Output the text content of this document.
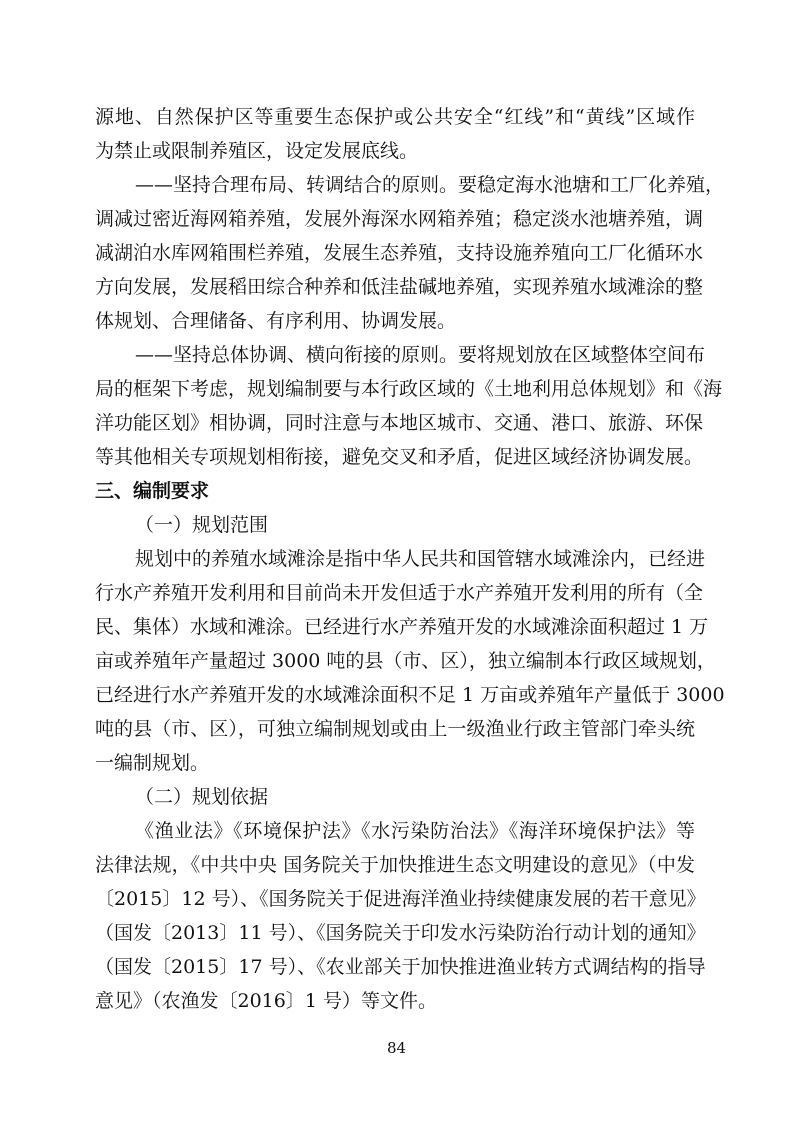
源地、自然保护区等重要生态保护或公共安全“红线”和“黄线”区域作
为禁止或限制养殖区，设定发展底线。
——坚持合理布局、转调结合的原则。要稳定海水池塘和工厂化养殖，
调减过密近海网箱养殖，发展外海深水网箱养殖；稳定淡水池塘养殖，调
减湖泊水库网箱围栏养殖，发展生态养殖，支持设施养殖向工厂化循环水
方向发展，发展稻田综合种养和低洼盐碱地养殖，实现养殖水域滩涂的整
体规划、合理储备、有序利用、协调发展。
——坚持总体协调、横向衔接的原则。要将规划放在区域整体空间布
局的框架下考虑，规划编制要与本行政区域的《土地利用总体规划》和《海
洋功能区划》相协调，同时注意与本地区城市、交通、港口、旅游、环保
等其他相关专项规划相衔接，避免交叉和矛盾，促进区域经济协调发展。
三、编制要求
（一）规划范围
规划中的养殖水域滩涂是指中华人民共和国管辖水域滩涂内，已经进
行水产养殖开发利用和目前尚未开发但适于水产养殖开发利用的所有（全
民、集体）水域和滩涂。已经进行水产养殖开发的水域滩涂面积超过 1 万
亩或养殖年产量超过 3000 吨的县（市、区），独立编制本行政区域规划，
已经进行水产养殖开发的水域滩涂面积不足 1 万亩或养殖年产量低于 3000
吨的县（市、区），可独立编制规划或由上一级渔业行政主管部门牵头统
一编制规划。
（二）规划依据
《渔业法》《环境保护法》《水污染防治法》《海洋环境保护法》等
法律法规，《中共中央 国务院关于加快推进生态文明建设的意见》（中发
〔2015〕12 号）、《国务院关于促进海洋渔业持续健康发展的若干意见》
（国发〔2013〕11 号）、《国务院关于印发水污染防治行动计划的通知》
（国发〔2015〕17 号）、《农业部关于加快推进渔业转方式调结构的指导
意见》（农渔发〔2016〕1 号）等文件。
84
